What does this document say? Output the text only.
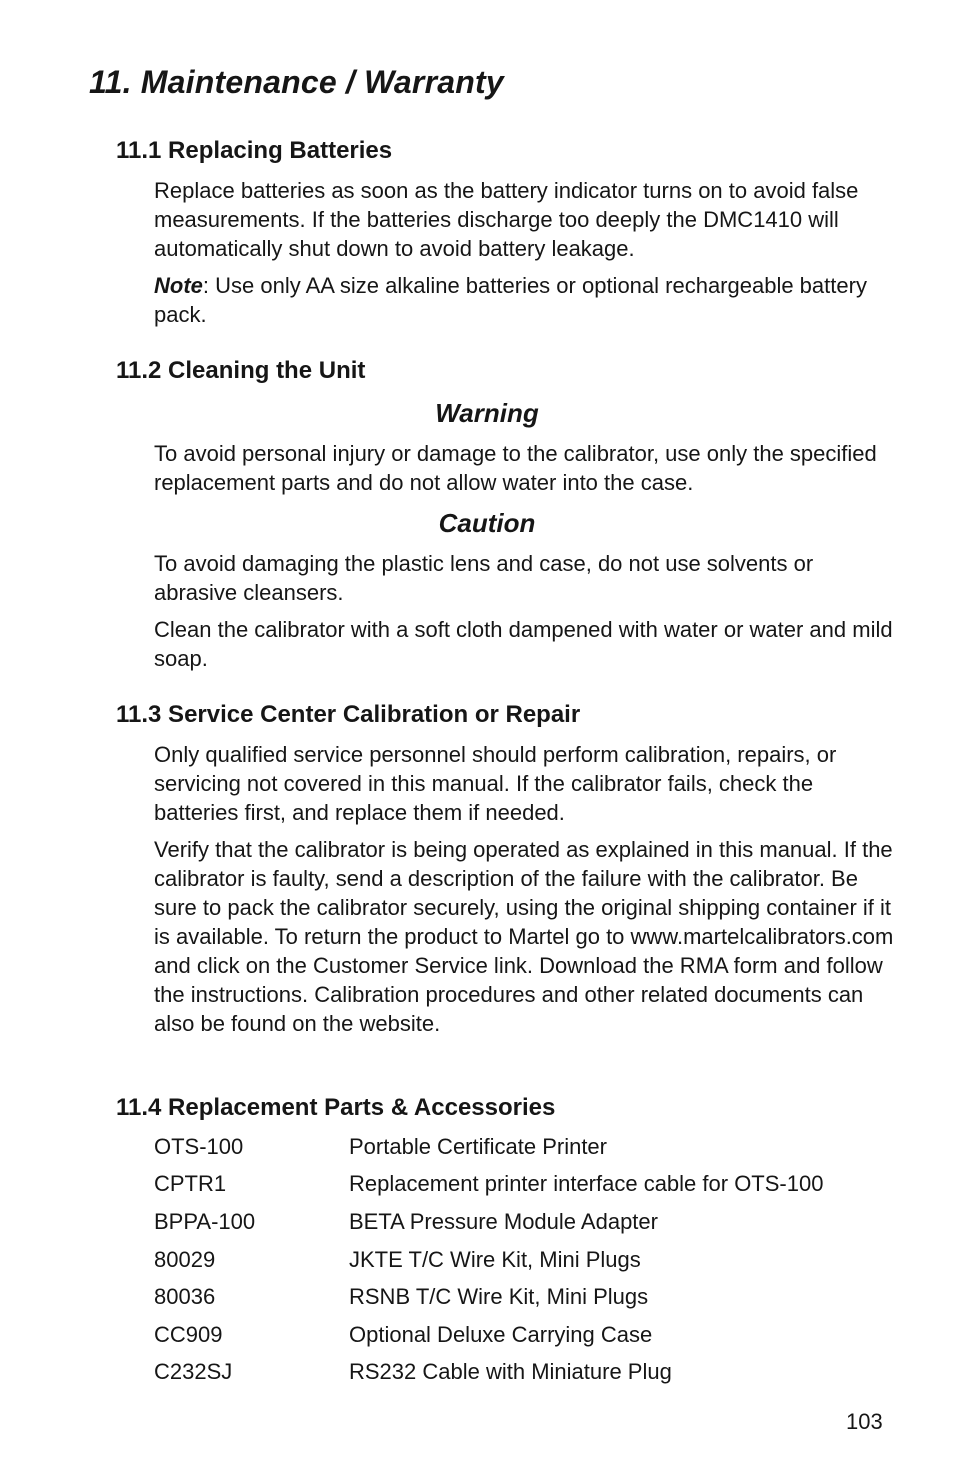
11. Maintenance / Warranty
11.1 Replacing Batteries

Replace batteries as soon as the battery indicator turns on to avoid false measurements. If the batteries discharge too deeply the DMC1410 will automatically shut down to avoid battery leakage.

Note: Use only AA size alkaline batteries or optional rechargeable battery pack.

11.2 Cleaning the Unit
Warning

To avoid personal injury or damage to the calibrator, use only the specified replacement parts and do not allow water into the case.

Caution

To avoid damaging the plastic lens and case, do not use solvents or abrasive cleansers.

Clean the calibrator with a soft cloth dampened with water or water and mild soap.

11.3 Service Center Calibration or Repair

Only qualified service personnel should perform calibration, repairs, or servicing not covered in this manual. If the calibrator fails, check the batteries first, and replace them if needed.

Verify that the calibrator is being operated as explained in this manual. If the calibrator is faulty, send a description of the failure with the calibrator. Be sure to pack the calibrator securely, using the original shipping container if it is available. To return the product to Martel go to www.martelcalibrators.com and click on the Customer Service link. Download the RMA form and follow the instructions. Calibration procedures and other related documents can also be found on the website.

11.4 Replacement Parts & Accessories
OTS-100	Portable Certificate Printer
CPTR1	Replacement printer interface cable for OTS-100
BPPA-100	BETA Pressure Module Adapter
80029	JKTE T/C Wire Kit, Mini Plugs
80036	RSNB T/C Wire Kit, Mini Plugs
CC909	Optional Deluxe Carrying Case
C232SJ	RS232 Cable with Miniature Plug

103
